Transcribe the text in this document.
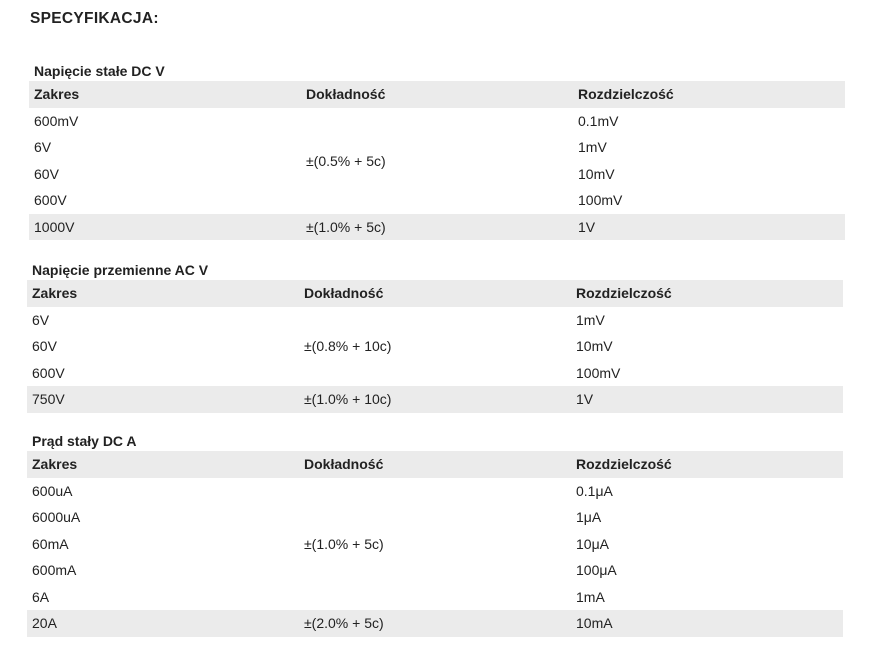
SPECYFIKACJA:
Napięcie stałe DC V
Zakres	Dokładność	Rozdzielczość
600mV	±(0.5% + 5c)	0.1mV
6V		1mV
60V		10mV
600V		100mV
1000V	±(1.0% + 5c)	1V
Napięcie przemienne AC V
Zakres	Dokładność	Rozdzielczość
6V	±(0.8% + 10c)	1mV
60V		10mV
600V		100mV
750V	±(1.0% + 10c)	1V
Prąd stały DC A
Zakres	Dokładność	Rozdzielczość
600uA	±(1.0% + 5c)	0.1μA
6000uA		1μA
60mA		10μA
600mA		100μA
6A		1mA
20A	±(2.0% + 5c)	10mA
